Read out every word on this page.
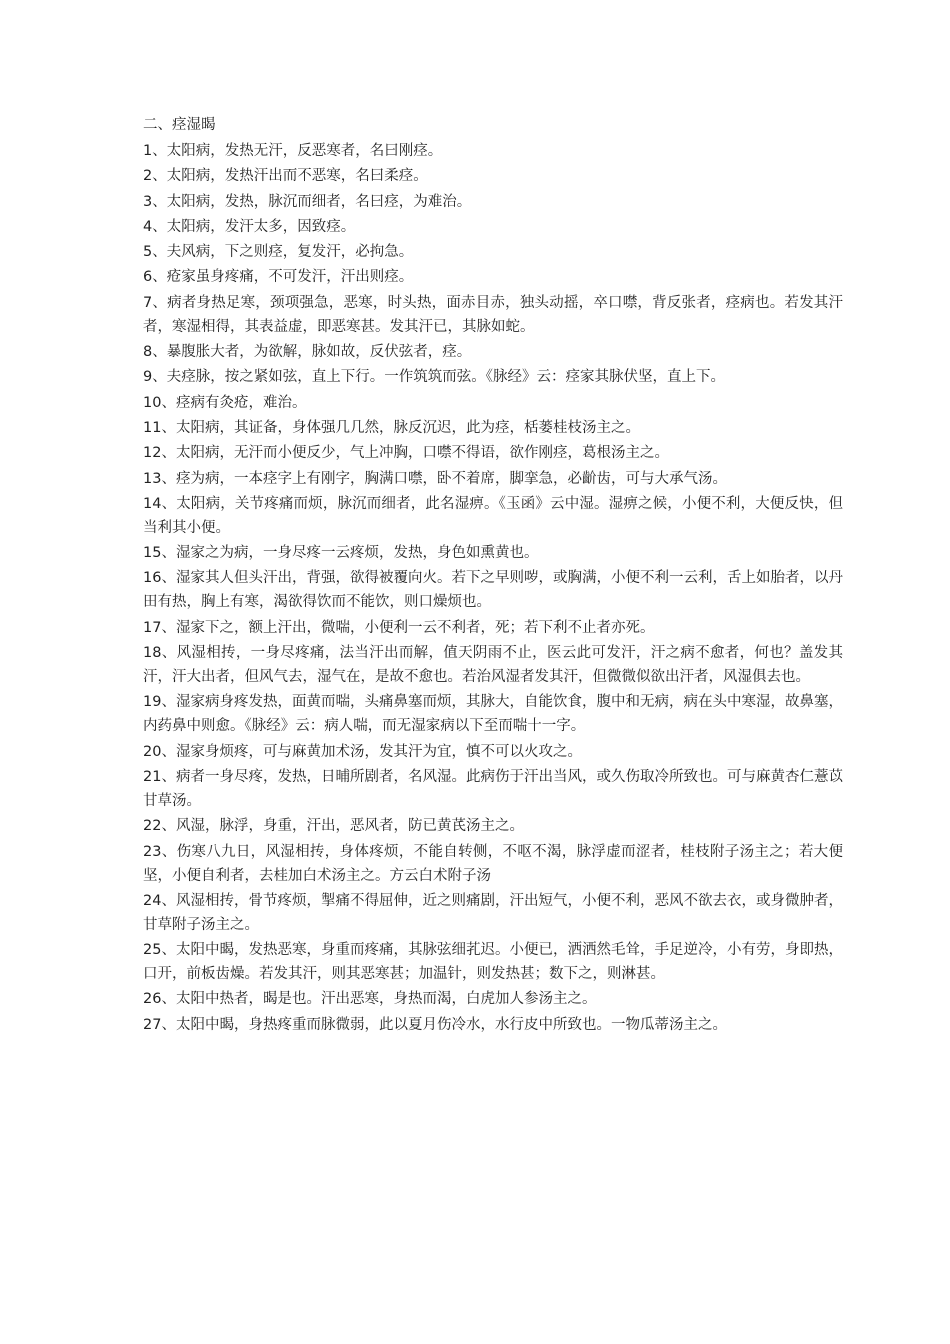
二、痉湿暍
1、太阳病，发热无汗，反恶寒者，名曰刚痉。
2、太阳病，发热汗出而不恶寒，名曰柔痉。
3、太阳病，发热，脉沉而细者，名曰痉，为难治。
4、太阳病，发汗太多，因致痉。
5、夫风病，下之则痉，复发汗，必拘急。
6、疮家虽身疼痛，不可发汗，汗出则痉。
7、病者身热足寒，颈项强急，恶寒，时头热，面赤目赤，独头动摇，卒口噤，背反张者，痉病也。若发其汗者，寒湿相得，其表益虚，即恶寒甚。发其汗已，其脉如蛇。
8、暴腹胀大者，为欲解，脉如故，反伏弦者，痉。
9、夫痉脉，按之紧如弦，直上下行。一作筑筑而弦。《脉经》云：痉家其脉伏坚，直上下。
10、痉病有灸疮，难治。
11、太阳病，其证备，身体强几几然，脉反沉迟，此为痉，栝蒌桂枝汤主之。
12、太阳病，无汗而小便反少，气上冲胸，口噤不得语，欲作刚痉，葛根汤主之。
13、痉为病，一本痉字上有刚字，胸满口噤，卧不着席，脚挛急，必齘齿，可与大承气汤。
14、太阳病，关节疼痛而烦，脉沉而细者，此名湿痹。《玉函》云中湿。湿痹之候，小便不利，大便反快，但当利其小便。
15、湿家之为病，一身尽疼一云疼烦，发热，身色如熏黄也。
16、湿家其人但头汗出，背强，欲得被覆向火。若下之早则哕，或胸满，小便不利一云利，舌上如胎者，以丹田有热，胸上有寒，渴欲得饮而不能饮，则口燥烦也。
17、湿家下之，额上汗出，微喘，小便利一云不利者，死；若下利不止者亦死。
18、风湿相抟，一身尽疼痛，法当汗出而解，值天阴雨不止，医云此可发汗，汗之病不愈者，何也？盖发其汗，汗大出者，但风气去，湿气在，是故不愈也。若治风湿者发其汗，但微微似欲出汗者，风湿俱去也。
19、湿家病身疼发热，面黄而喘，头痛鼻塞而烦，其脉大，自能饮食，腹中和无病，病在头中寒湿，故鼻塞，内药鼻中则愈。《脉经》云：病人喘，而无湿家病以下至而喘十一字。
20、湿家身烦疼，可与麻黄加术汤，发其汗为宜，慎不可以火攻之。
21、病者一身尽疼，发热，日晡所剧者，名风湿。此病伤于汗出当风，或久伤取冷所致也。可与麻黄杏仁薏苡甘草汤。
22、风湿，脉浮，身重，汗出，恶风者，防已黄芪汤主之。
23、伤寒八九日，风湿相抟，身体疼烦，不能自转侧，不呕不渴，脉浮虚而涩者，桂枝附子汤主之；若大便坚，小便自利者，去桂加白术汤主之。方云白术附子汤
24、风湿相抟，骨节疼烦，掣痛不得屈伸，近之则痛剧，汗出短气，小便不利，恶风不欲去衣，或身微肿者，甘草附子汤主之。
25、太阳中暍，发热恶寒，身重而疼痛，其脉弦细芤迟。小便已，洒洒然毛耸，手足逆冷，小有劳，身即热，口开，前板齿燥。若发其汗，则其恶寒甚；加温针，则发热甚；数下之，则淋甚。
26、太阳中热者，暍是也。汗出恶寒，身热而渴，白虎加人参汤主之。
27、太阳中暍，身热疼重而脉微弱，此以夏月伤冷水，水行皮中所致也。一物瓜蒂汤主之。
